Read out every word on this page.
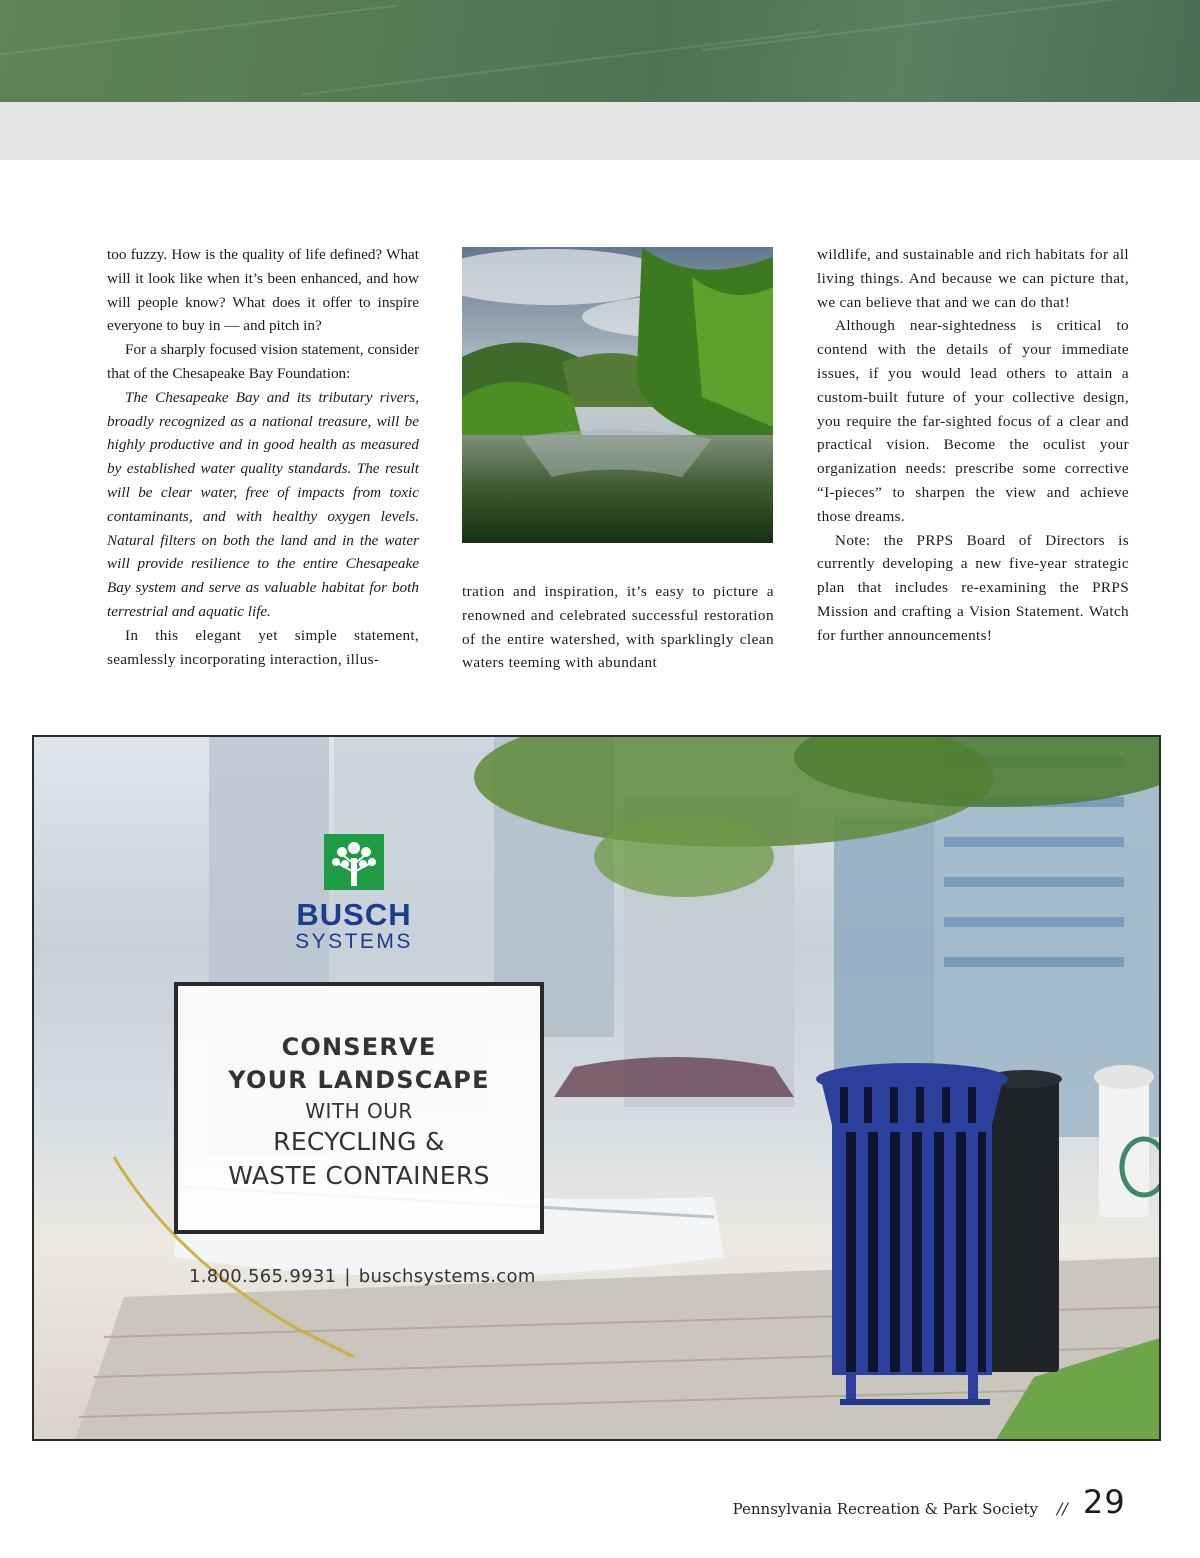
too fuzzy. How is the quality of life defined? What will it look like when it’s been enhanced, and how will people know? What does it offer to inspire everyone to buy in — and pitch in?

For a sharply focused vision statement, consider that of the Chesapeake Bay Foundation:

The Chesapeake Bay and its tributary rivers, broadly recognized as a national treasure, will be highly productive and in good health as measured by established water quality standards. The result will be clear water, free of impacts from toxic contaminants, and with healthy oxygen levels. Natural filters on both the land and in the water will provide resilience to the entire Chesapeake Bay system and serve as valuable habitat for both terrestrial and aquatic life.

In this elegant yet simple statement, seamlessly incorporating interaction, illus-

tration and inspiration, it’s easy to picture a renowned and celebrated successful restoration of the entire watershed, with sparklingly clean waters teeming with abundant

wildlife, and sustainable and rich habitats for all living things. And because we can picture that, we can believe that and we can do that!

Although near-sightedness is critical to contend with the details of your immediate issues, if you would lead others to attain a custom-built future of your collective design, you require the far-sighted focus of a clear and practical vision. Become the oculist your organization needs: prescribe some corrective “I-pieces” to sharpen the view and achieve those dreams.

Note: the PRPS Board of Directors is currently developing a new five-year strategic plan that includes re-examining the PRPS Mission and crafting a Vision Statement. Watch for further announcements!

BUSCH
SYSTEMS
CONSERVE
YOUR LANDSCAPE
WITH OUR
RECYCLING &
WASTE CONTAINERS
1.800.565.9931 | buschsystems.com
Pennsylvania Recreation & Park Society // 29
